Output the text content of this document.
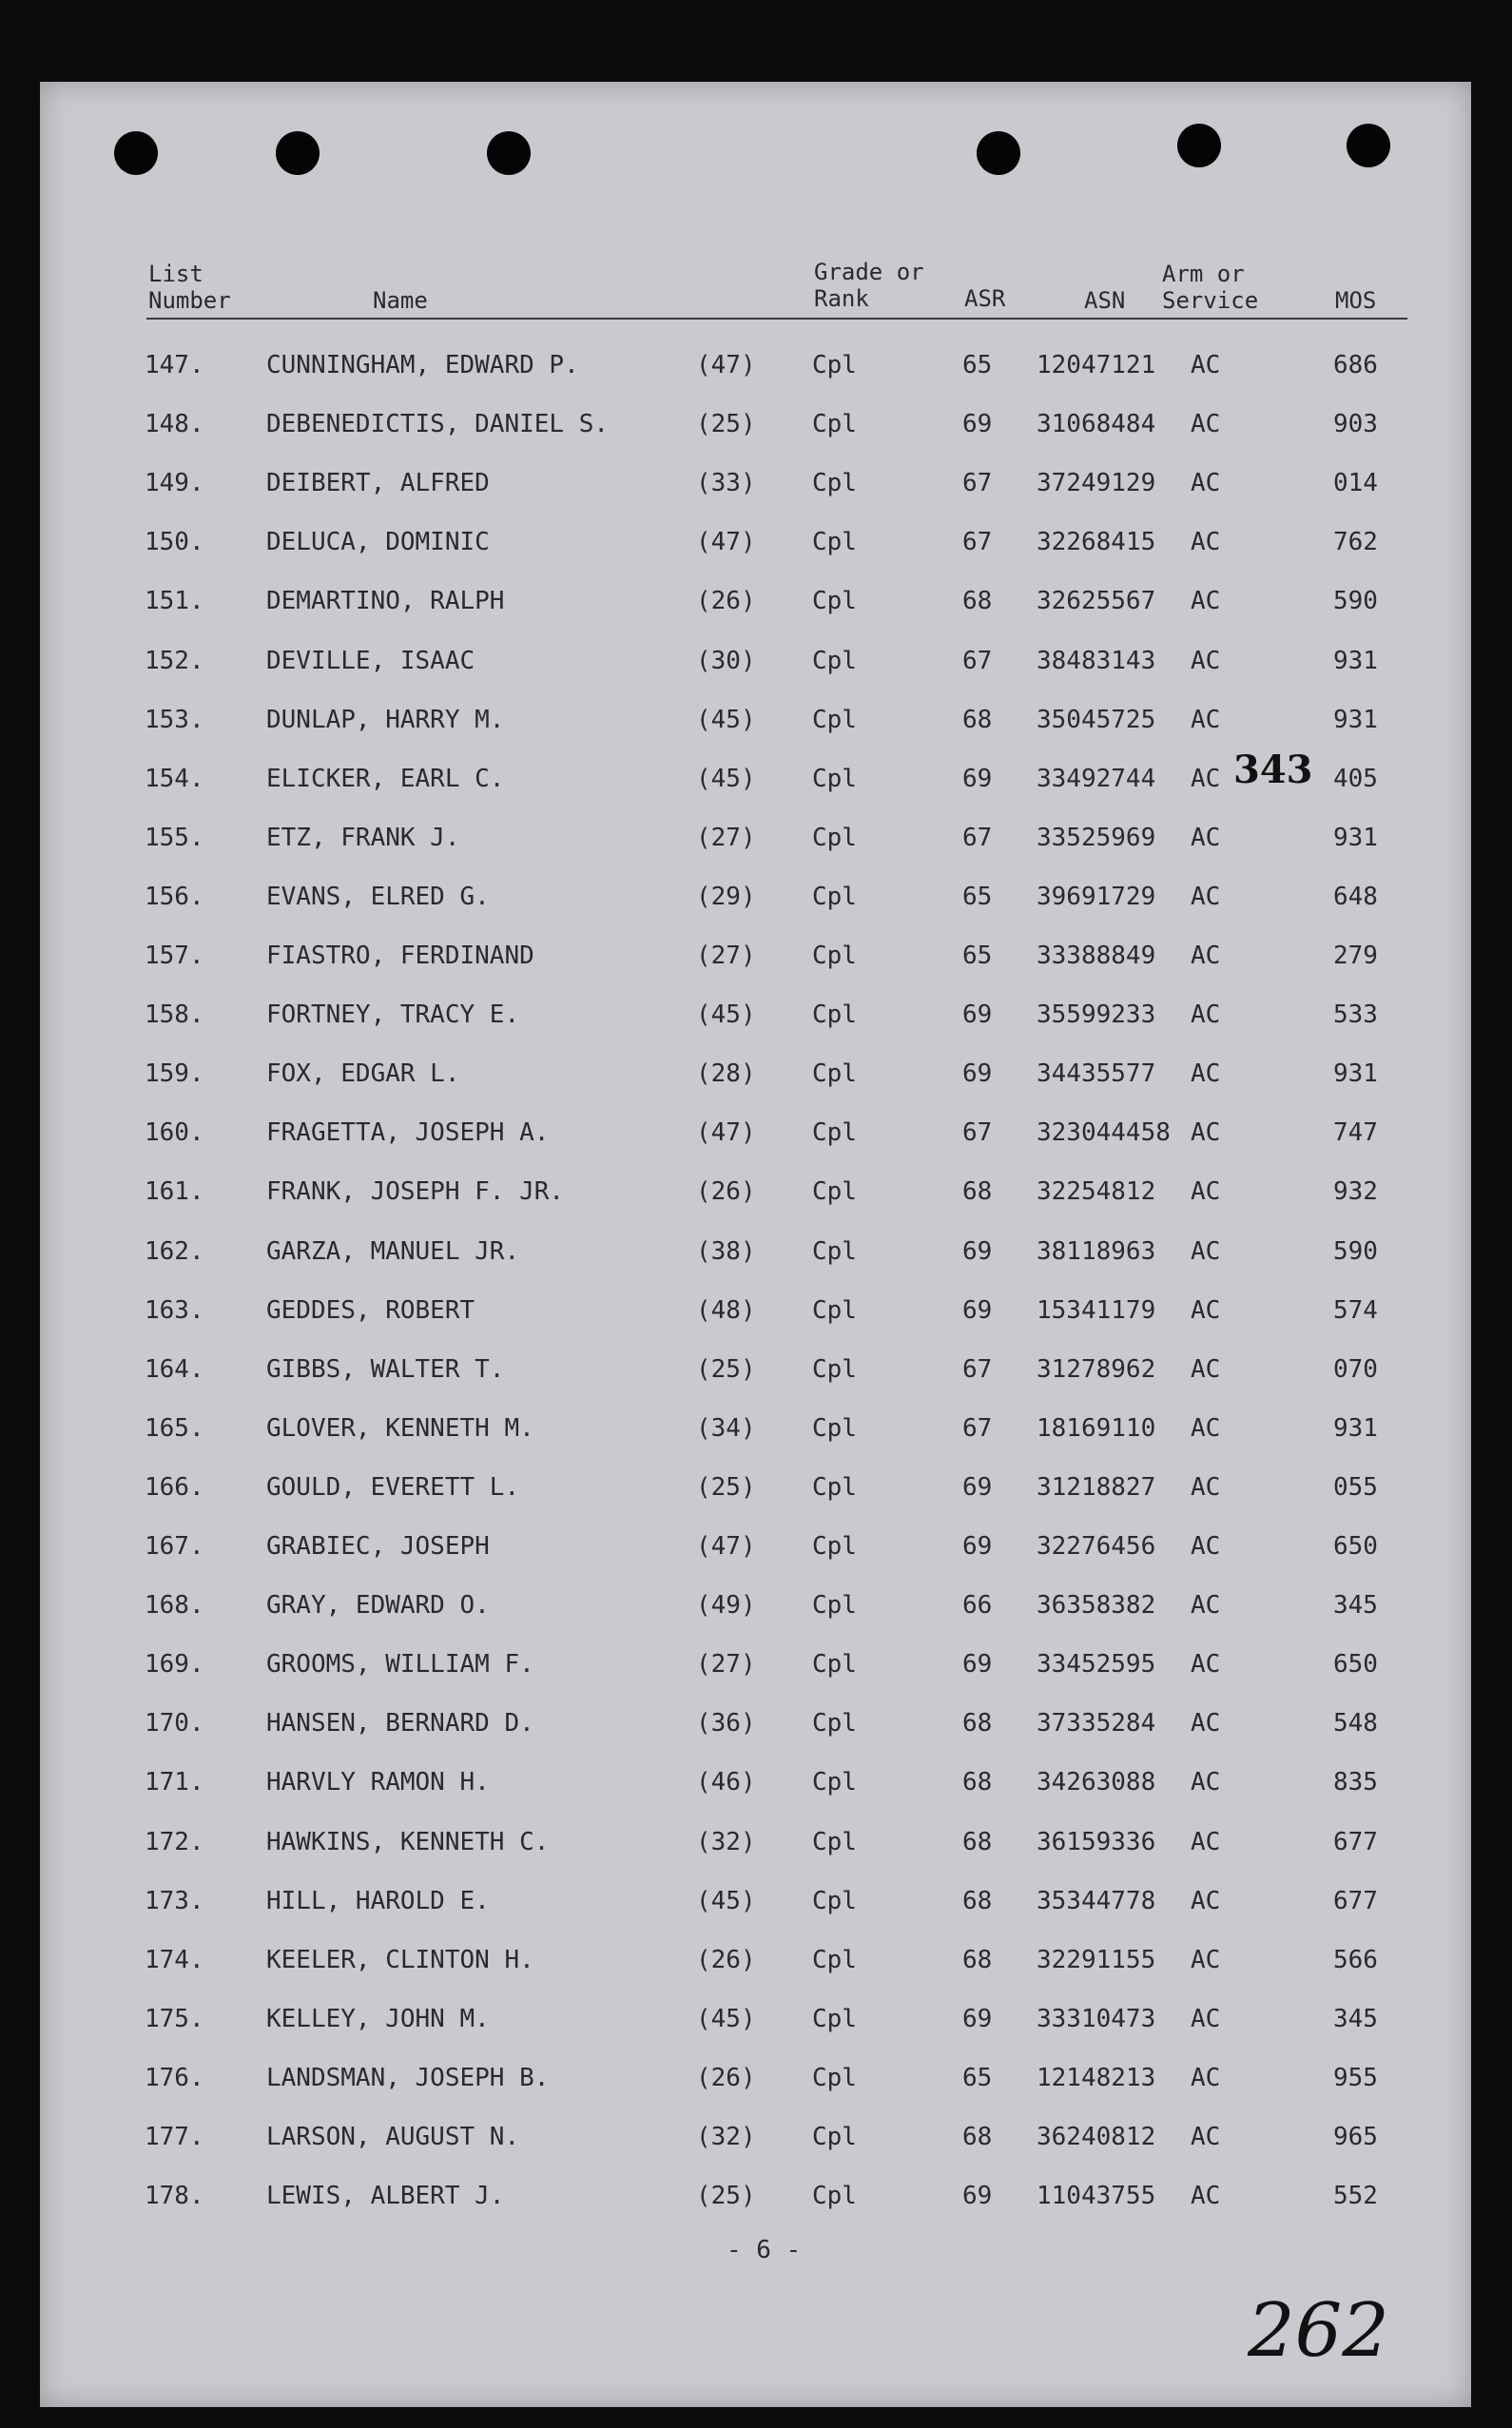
List
Number	Name
Grade or
Rank	ASR	ASN
Arm or
Service	MOS
147.	CUNNINGHAM, EDWARD P.	(47) Cpl	65 12047121 AC	686
148.	DEBENEDICTIS, DANIEL S.	(25) Cpl	69 31068484 AC	903
149.	DEIBERT, ALFRED	(33) Cpl	67 37249129 AC	014
150.	DELUCA, DOMINIC	(47) Cpl	67 32268415 AC	762
151.	DEMARTINO, RALPH	(26) Cpl	68 32625567 AC	590
152.	DEVILLE, ISAAC	(30) Cpl	67 38483143 AC	931
153.	DUNLAP, HARRY M.	(45) Cpl	68 35045725 AC	931
154.	ELICKER, EARL C.	(45) Cpl	69 33492744 AC	405
155.	ETZ, FRANK J.	(27) Cpl	67 33525969 AC	931
156.	EVANS, ELRED G.	(29) Cpl	65 39691729 AC	648
157.	FIASTRO, FERDINAND	(27) Cpl	65 33388849 AC	279
158.	FORTNEY, TRACY E.	(45) Cpl	69 35599233 AC	533
159.	FOX, EDGAR L.	(28) Cpl	69 34435577 AC	931
160.	FRAGETTA, JOSEPH A.	(47) Cpl	67 323044458 AC	747
161.	FRANK, JOSEPH F. JR.	(26) Cpl	68 32254812 AC	932
162.	GARZA, MANUEL JR.	(38) Cpl	69 38118963 AC	590
163.	GEDDES, ROBERT	(48) Cpl	69 15341179 AC	574
164.	GIBBS, WALTER T.	(25) Cpl	67 31278962 AC	070
165.	GLOVER, KENNETH M.	(34) Cpl	67 18169110 AC	931
166.	GOULD, EVERETT L.	(25) Cpl	69 31218827 AC	055
167.	GRABIEC, JOSEPH	(47) Cpl	69 32276456 AC	650
168.	GRAY, EDWARD O.	(49) Cpl	66 36358382 AC	345
169.	GROOMS, WILLIAM F.	(27) Cpl	69 33452595 AC	650
170.	HANSEN, BERNARD D.	(36) Cpl	68 37335284 AC	548
171.	HARVLY RAMON H.	(46) Cpl	68 34263088 AC	835
172.	HAWKINS, KENNETH C.	(32) Cpl	68 36159336 AC	677
173.	HILL, HAROLD E.	(45) Cpl	68 35344778 AC	677
174.	KEELER, CLINTON H.	(26) Cpl	68 32291155 AC	566
175.	KELLEY, JOHN M.	(45) Cpl	69 33310473 AC	345
176.	LANDSMAN, JOSEPH B.	(26) Cpl	65 12148213 AC	955
177.	LARSON, AUGUST N.	(32) Cpl	68 36240812 AC	965
178.	LEWIS, ALBERT J.	(25) Cpl	69 11043755 AC	552
343
- 6 -
262
